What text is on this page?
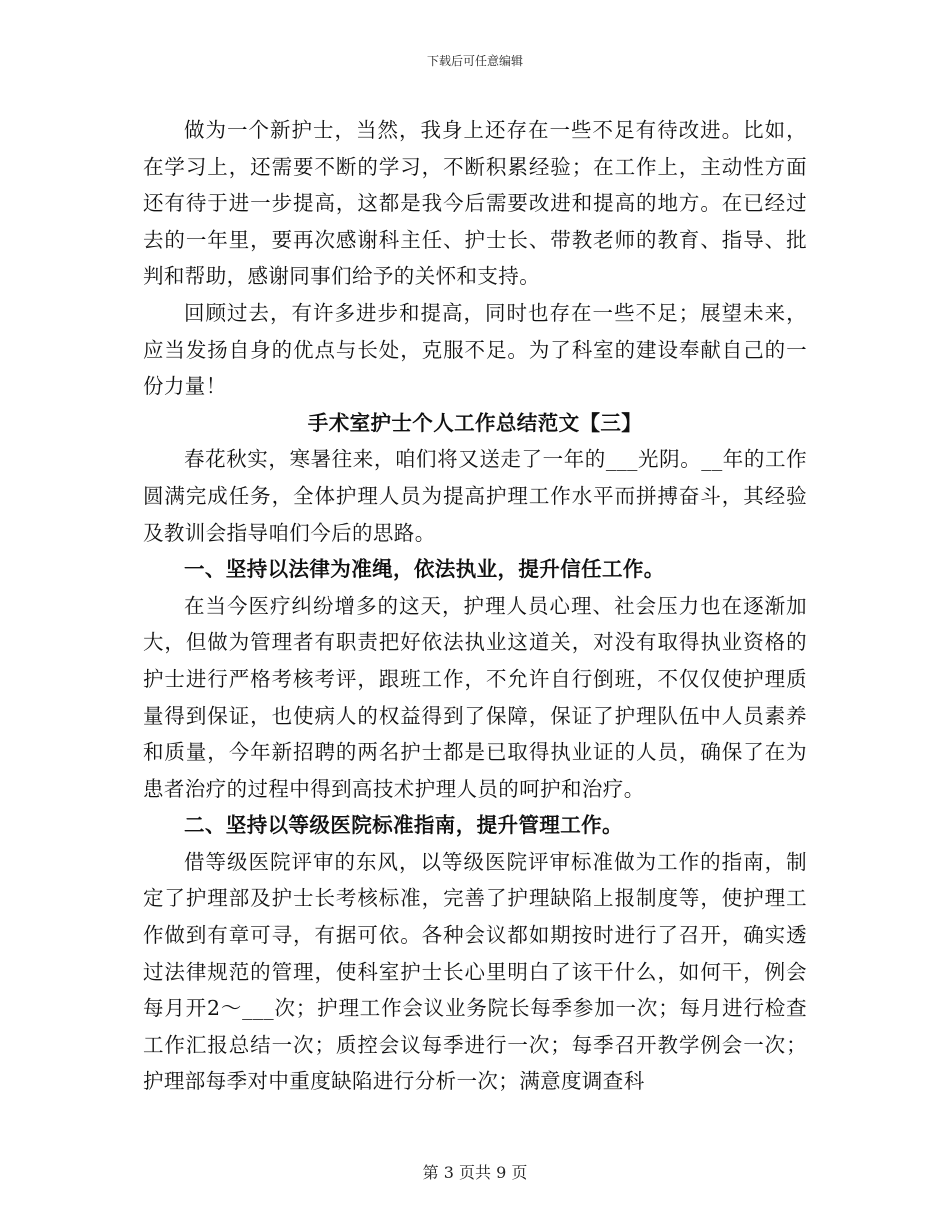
下载后可任意编辑

做为一个新护士，当然，我身上还存在一些不足有待改进。比如，在学习上，还需要不断的学习，不断积累经验；在工作上，主动性方面还有待于进一步提高，这都是我今后需要改进和提高的地方。在已经过去的一年里，要再次感谢科主任、护士长、带教老师的教育、指导、批判和帮助，感谢同事们给予的关怀和支持。

回顾过去，有许多进步和提高，同时也存在一些不足；展望未来，应当发扬自身的优点与长处，克服不足。为了科室的建设奉献自己的一份力量！

手术室护士个人工作总结范文【三】

春花秋实，寒暑往来，咱们将又送走了一年的___光阴。__年的工作圆满完成任务，全体护理人员为提高护理工作水平而拼搏奋斗，其经验及教训会指导咱们今后的思路。

一、坚持以法律为准绳，依法执业，提升信任工作。

在当今医疗纠纷增多的这天，护理人员心理、社会压力也在逐渐加大，但做为管理者有职责把好依法执业这道关，对没有取得执业资格的护士进行严格考核考评，跟班工作，不允许自行倒班，不仅仅使护理质量得到保证，也使病人的权益得到了保障，保证了护理队伍中人员素养和质量，今年新招聘的两名护士都是已取得执业证的人员，确保了在为患者治疗的过程中得到高技术护理人员的呵护和治疗。

二、坚持以等级医院标准指南，提升管理工作。

借等级医院评审的东风，以等级医院评审标准做为工作的指南，制定了护理部及护士长考核标准，完善了护理缺陷上报制度等，使护理工作做到有章可寻，有据可依。各种会议都如期按时进行了召开，确实透过法律规范的管理，使科室护士长心里明白了该干什么，如何干，例会每月开2～___次；护理工作会议业务院长每季参加一次；每月进行检查工作汇报总结一次；质控会议每季进行一次；每季召开教学例会一次；护理部每季对中重度缺陷进行分析一次；满意度调查科

第 3 页共 9 页
